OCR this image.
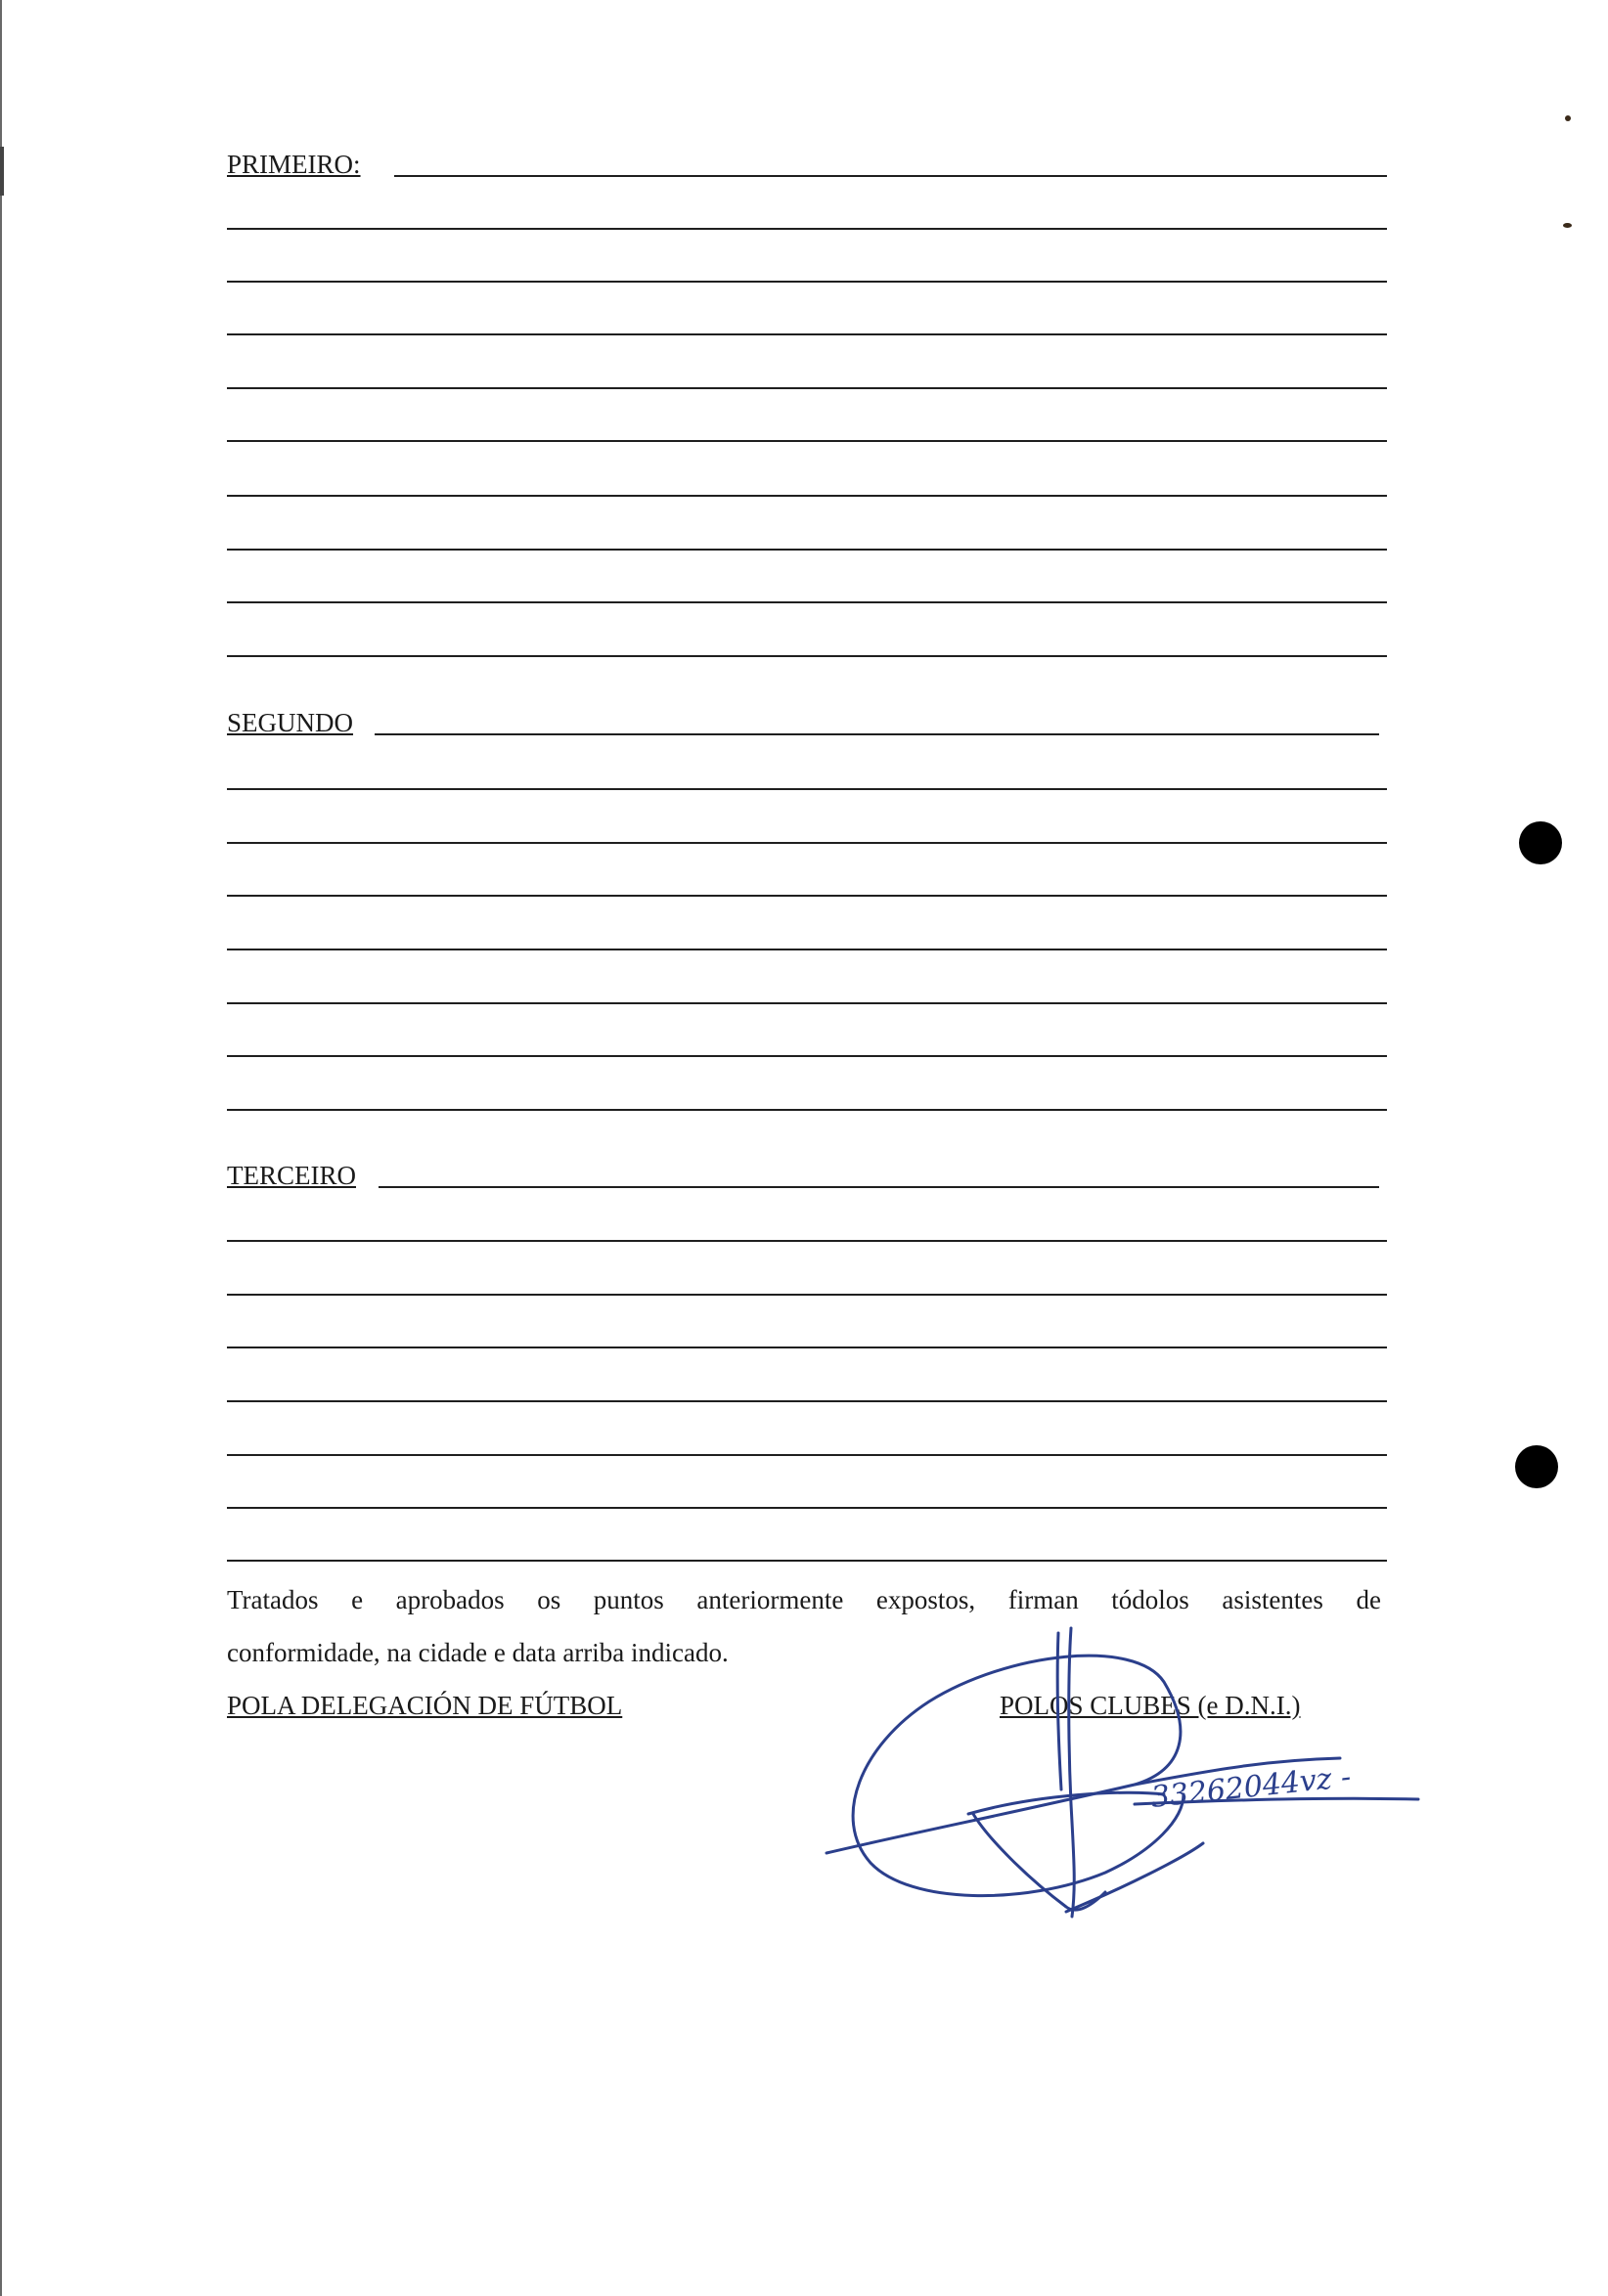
PRIMEIRO:
SEGUNDO
TERCEIRO
Tratados e aprobados os puntos anteriormente expostos, firman tódolos asistentes de
conformidade, na cidade e data arriba indicado.
POLA DELEGACIÓN DE FÚTBOL	POLOS CLUBES (e D.N.I.)
33262044vz -
